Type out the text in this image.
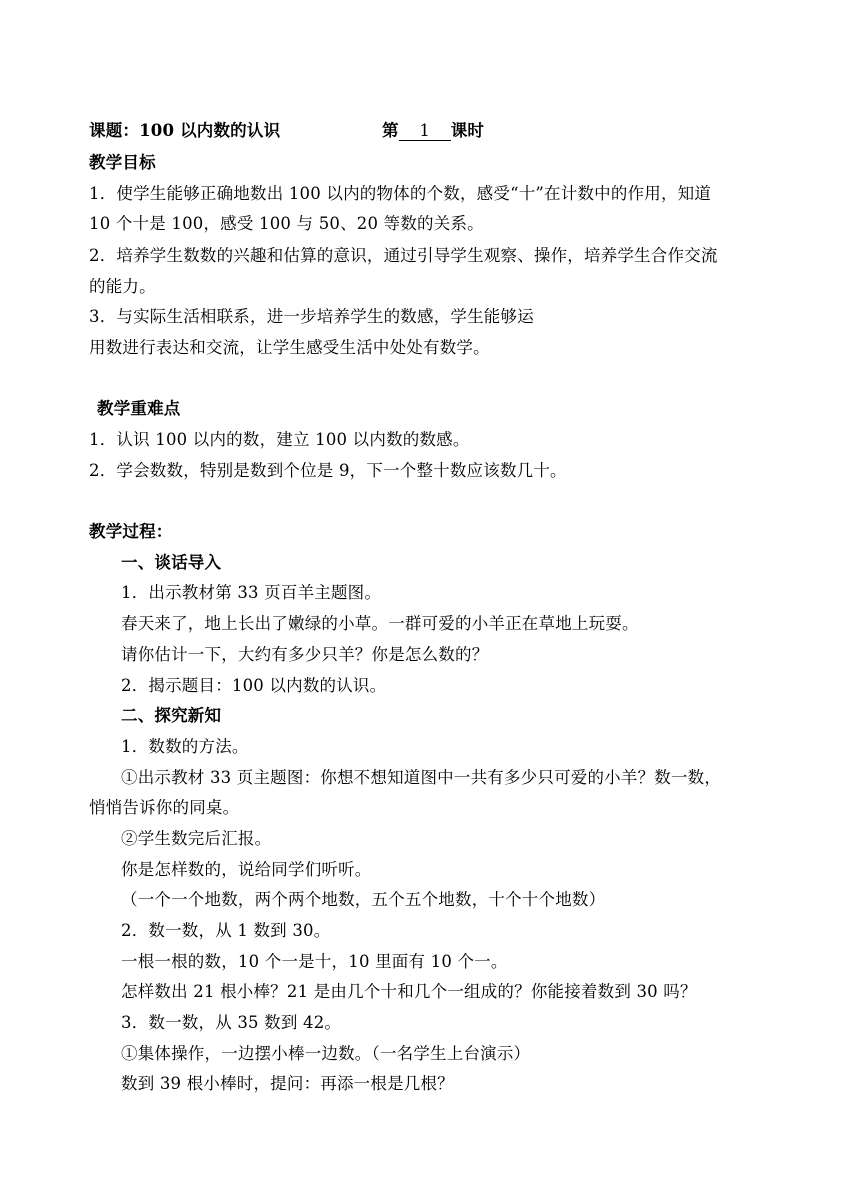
课题：100 以内数的认识	第 1 课时
教学目标
1．使学生能够正确地数出 100 以内的物体的个数，感受“十”在计数中的作用，知道
10 个十是 100，感受 100 与 50、20 等数的关系。
2．培养学生数数的兴趣和估算的意识，通过引导学生观察、操作，培养学生合作交流
的能力。
3．与实际生活相联系，进一步培养学生的数感，学生能够运
用数进行表达和交流，让学生感受生活中处处有数学。
教学重难点
1．认识 100 以内的数，建立 100 以内数的数感。
2．学会数数，特别是数到个位是 9，下一个整十数应该数几十。
教学过程：
一、谈话导入
1．出示教材第 33 页百羊主题图。
春天来了，地上长出了嫩绿的小草。一群可爱的小羊正在草地上玩耍。
请你估计一下，大约有多少只羊？你是怎么数的？
2．揭示题目：100 以内数的认识。
二、探究新知
1．数数的方法。
①出示教材 33 页主题图：你想不想知道图中一共有多少只可爱的小羊？数一数，
悄悄告诉你的同桌。
②学生数完后汇报。
你是怎样数的，说给同学们听听。
（一个一个地数，两个两个地数，五个五个地数，十个十个地数）
2．数一数，从 1 数到 30。
一根一根的数，10 个一是十，10 里面有 10 个一。
怎样数出 21 根小棒？21 是由几个十和几个一组成的？你能接着数到 30 吗？
3．数一数，从 35 数到 42。
①集体操作，一边摆小棒一边数。（一名学生上台演示）
数到 39 根小棒时，提问：再添一根是几根？
